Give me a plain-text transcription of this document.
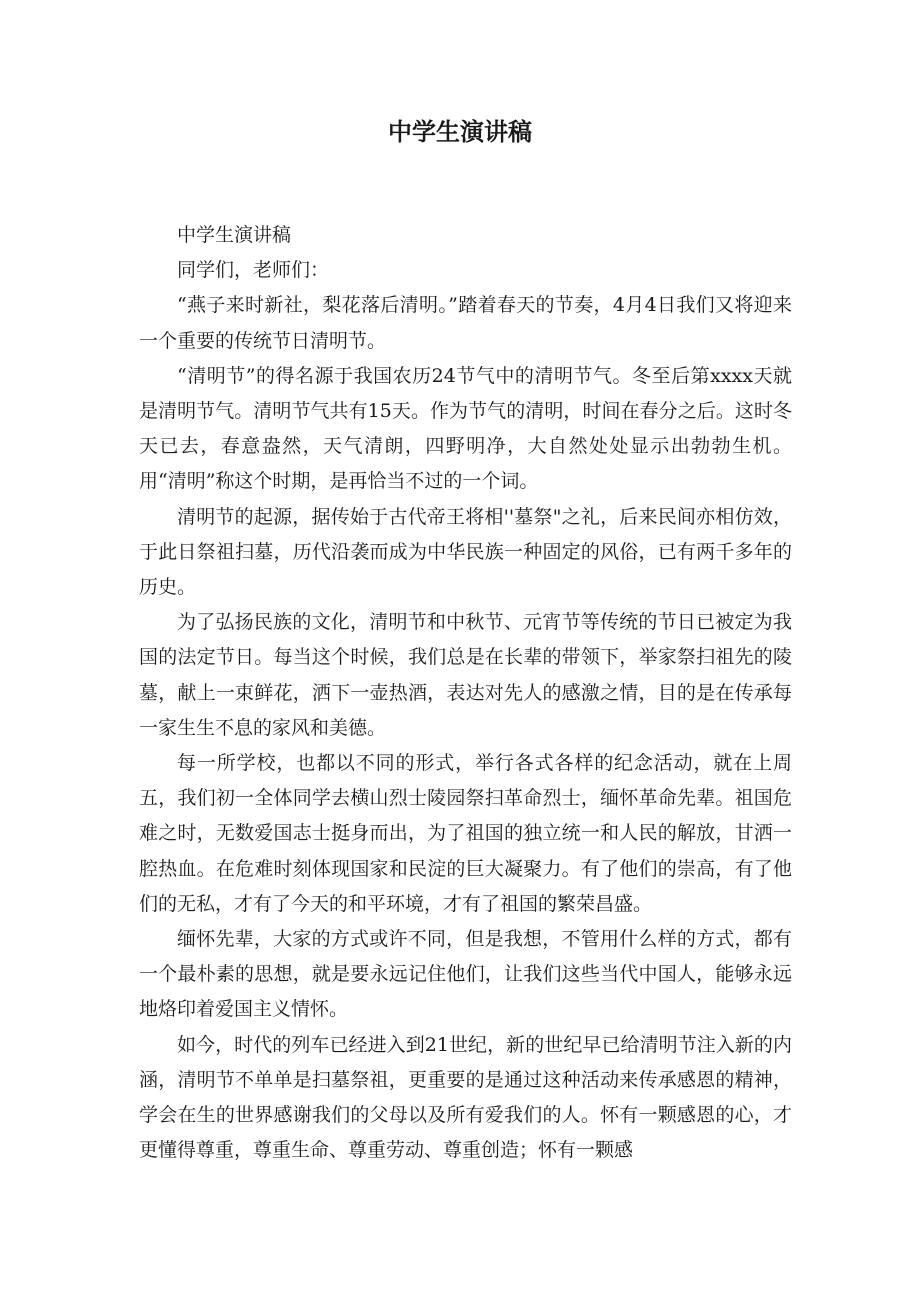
中学生演讲稿

中学生演讲稿

同学们，老师们：

“燕子来时新社，梨花落后清明。”踏着春天的节奏，4月4日我们又将迎来一个重要的传统节日清明节。

“清明节”的得名源于我国农历24节气中的清明节气。冬至后第xxxx天就是清明节气。清明节气共有15天。作为节气的清明，时间在春分之后。这时冬天已去，春意盎然，天气清朗，四野明净，大自然处处显示出勃勃生机。用“清明”称这个时期，是再恰当不过的一个词。

清明节的起源，据传始于古代帝王将相''墓祭"之礼，后来民间亦相仿效，于此日祭祖扫墓，历代沿袭而成为中华民族一种固定的风俗，已有两千多年的历史。

为了弘扬民族的文化，清明节和中秋节、元宵节等传统的节日已被定为我国的法定节日。每当这个时候，我们总是在长辈的带领下，举家祭扫祖先的陵墓，献上一束鲜花，洒下一壶热酒，表达对先人的感激之情，目的是在传承每一家生生不息的家风和美德。

每一所学校，也都以不同的形式，举行各式各样的纪念活动，就在上周五，我们初一全体同学去横山烈士陵园祭扫革命烈士，缅怀革命先辈。祖国危难之时，无数爱国志士挺身而出，为了祖国的独立统一和人民的解放，甘洒一腔热血。在危难时刻体现国家和民淀的巨大凝聚力。有了他们的崇高，有了他们的无私，才有了今天的和平环境，才有了祖国的繁荣昌盛。

缅怀先辈，大家的方式或许不同，但是我想，不管用什么样的方式，都有一个最朴素的思想，就是要永远记住他们，让我们这些当代中国人，能够永远地烙印着爱国主义情怀。

如今，时代的列车已经进入到21世纪，新的世纪早已给清明节注入新的内涵，清明节不单单是扫墓祭祖，更重要的是通过这种活动来传承感恩的精神，学会在生的世界感谢我们的父母以及所有爱我们的人。怀有一颗感恩的心，才更懂得尊重，尊重生命、尊重劳动、尊重创造；怀有一颗感
